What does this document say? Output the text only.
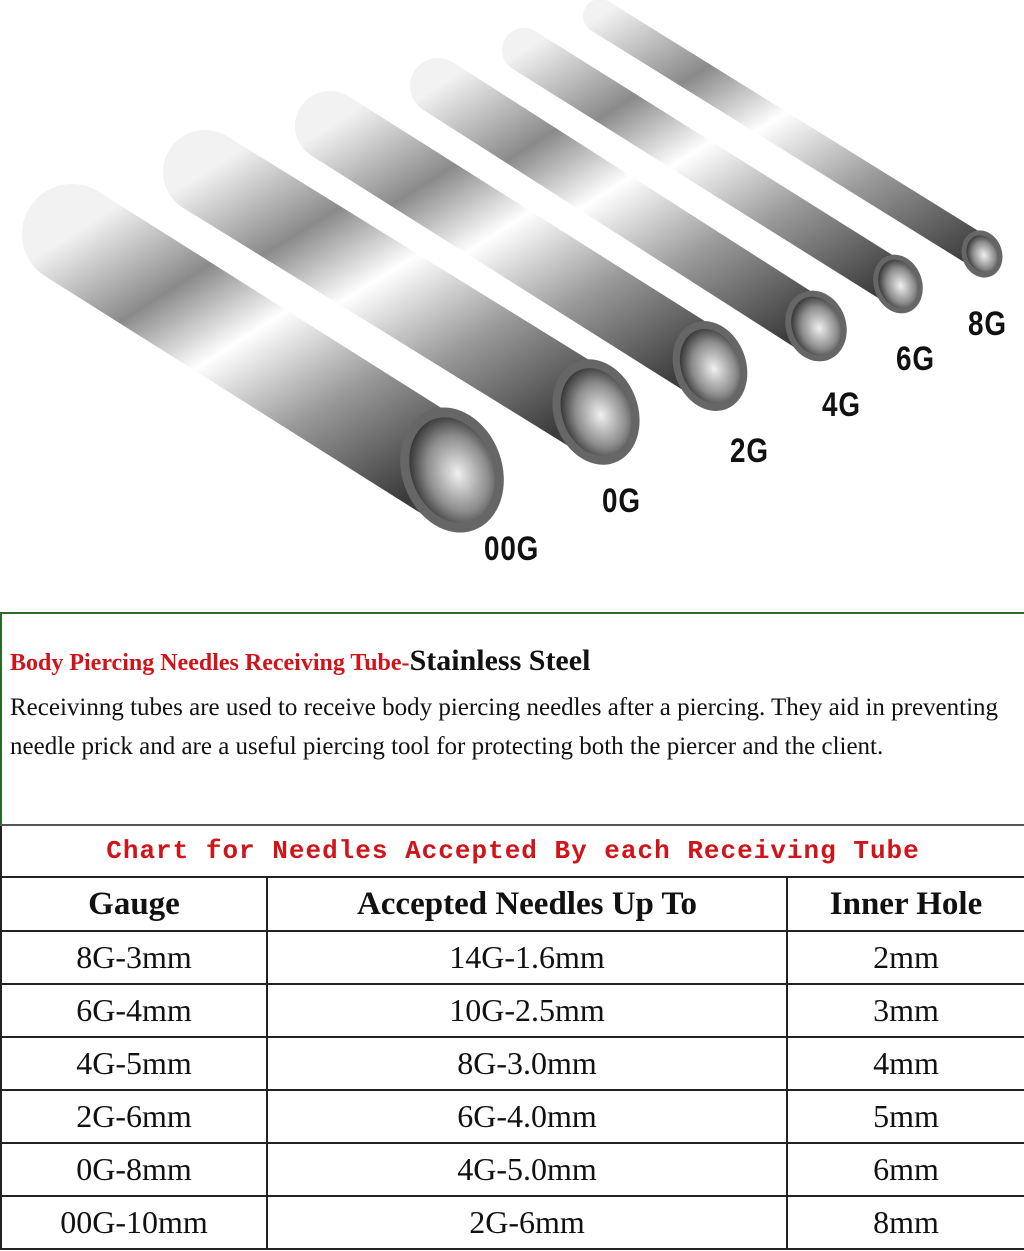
00G
0G
2G
4G
6G
8G
Body Piercing Needles Receiving Tube-Stainless Steel
Receivinng tubes are used to receive body piercing needles after a piercing. They aid in preventing needle prick and are a useful piercing tool for protecting both the piercer and the client.
Chart for Needles Accepted By each Receiving Tube		
Gauge	Accepted Needles Up To	Inner Hole
8G-3mm	14G-1.6mm	2mm
6G-4mm	10G-2.5mm	3mm
4G-5mm	8G-3.0mm	4mm
2G-6mm	6G-4.0mm	5mm
0G-8mm	4G-5.0mm	6mm
00G-10mm	2G-6mm	8mm
